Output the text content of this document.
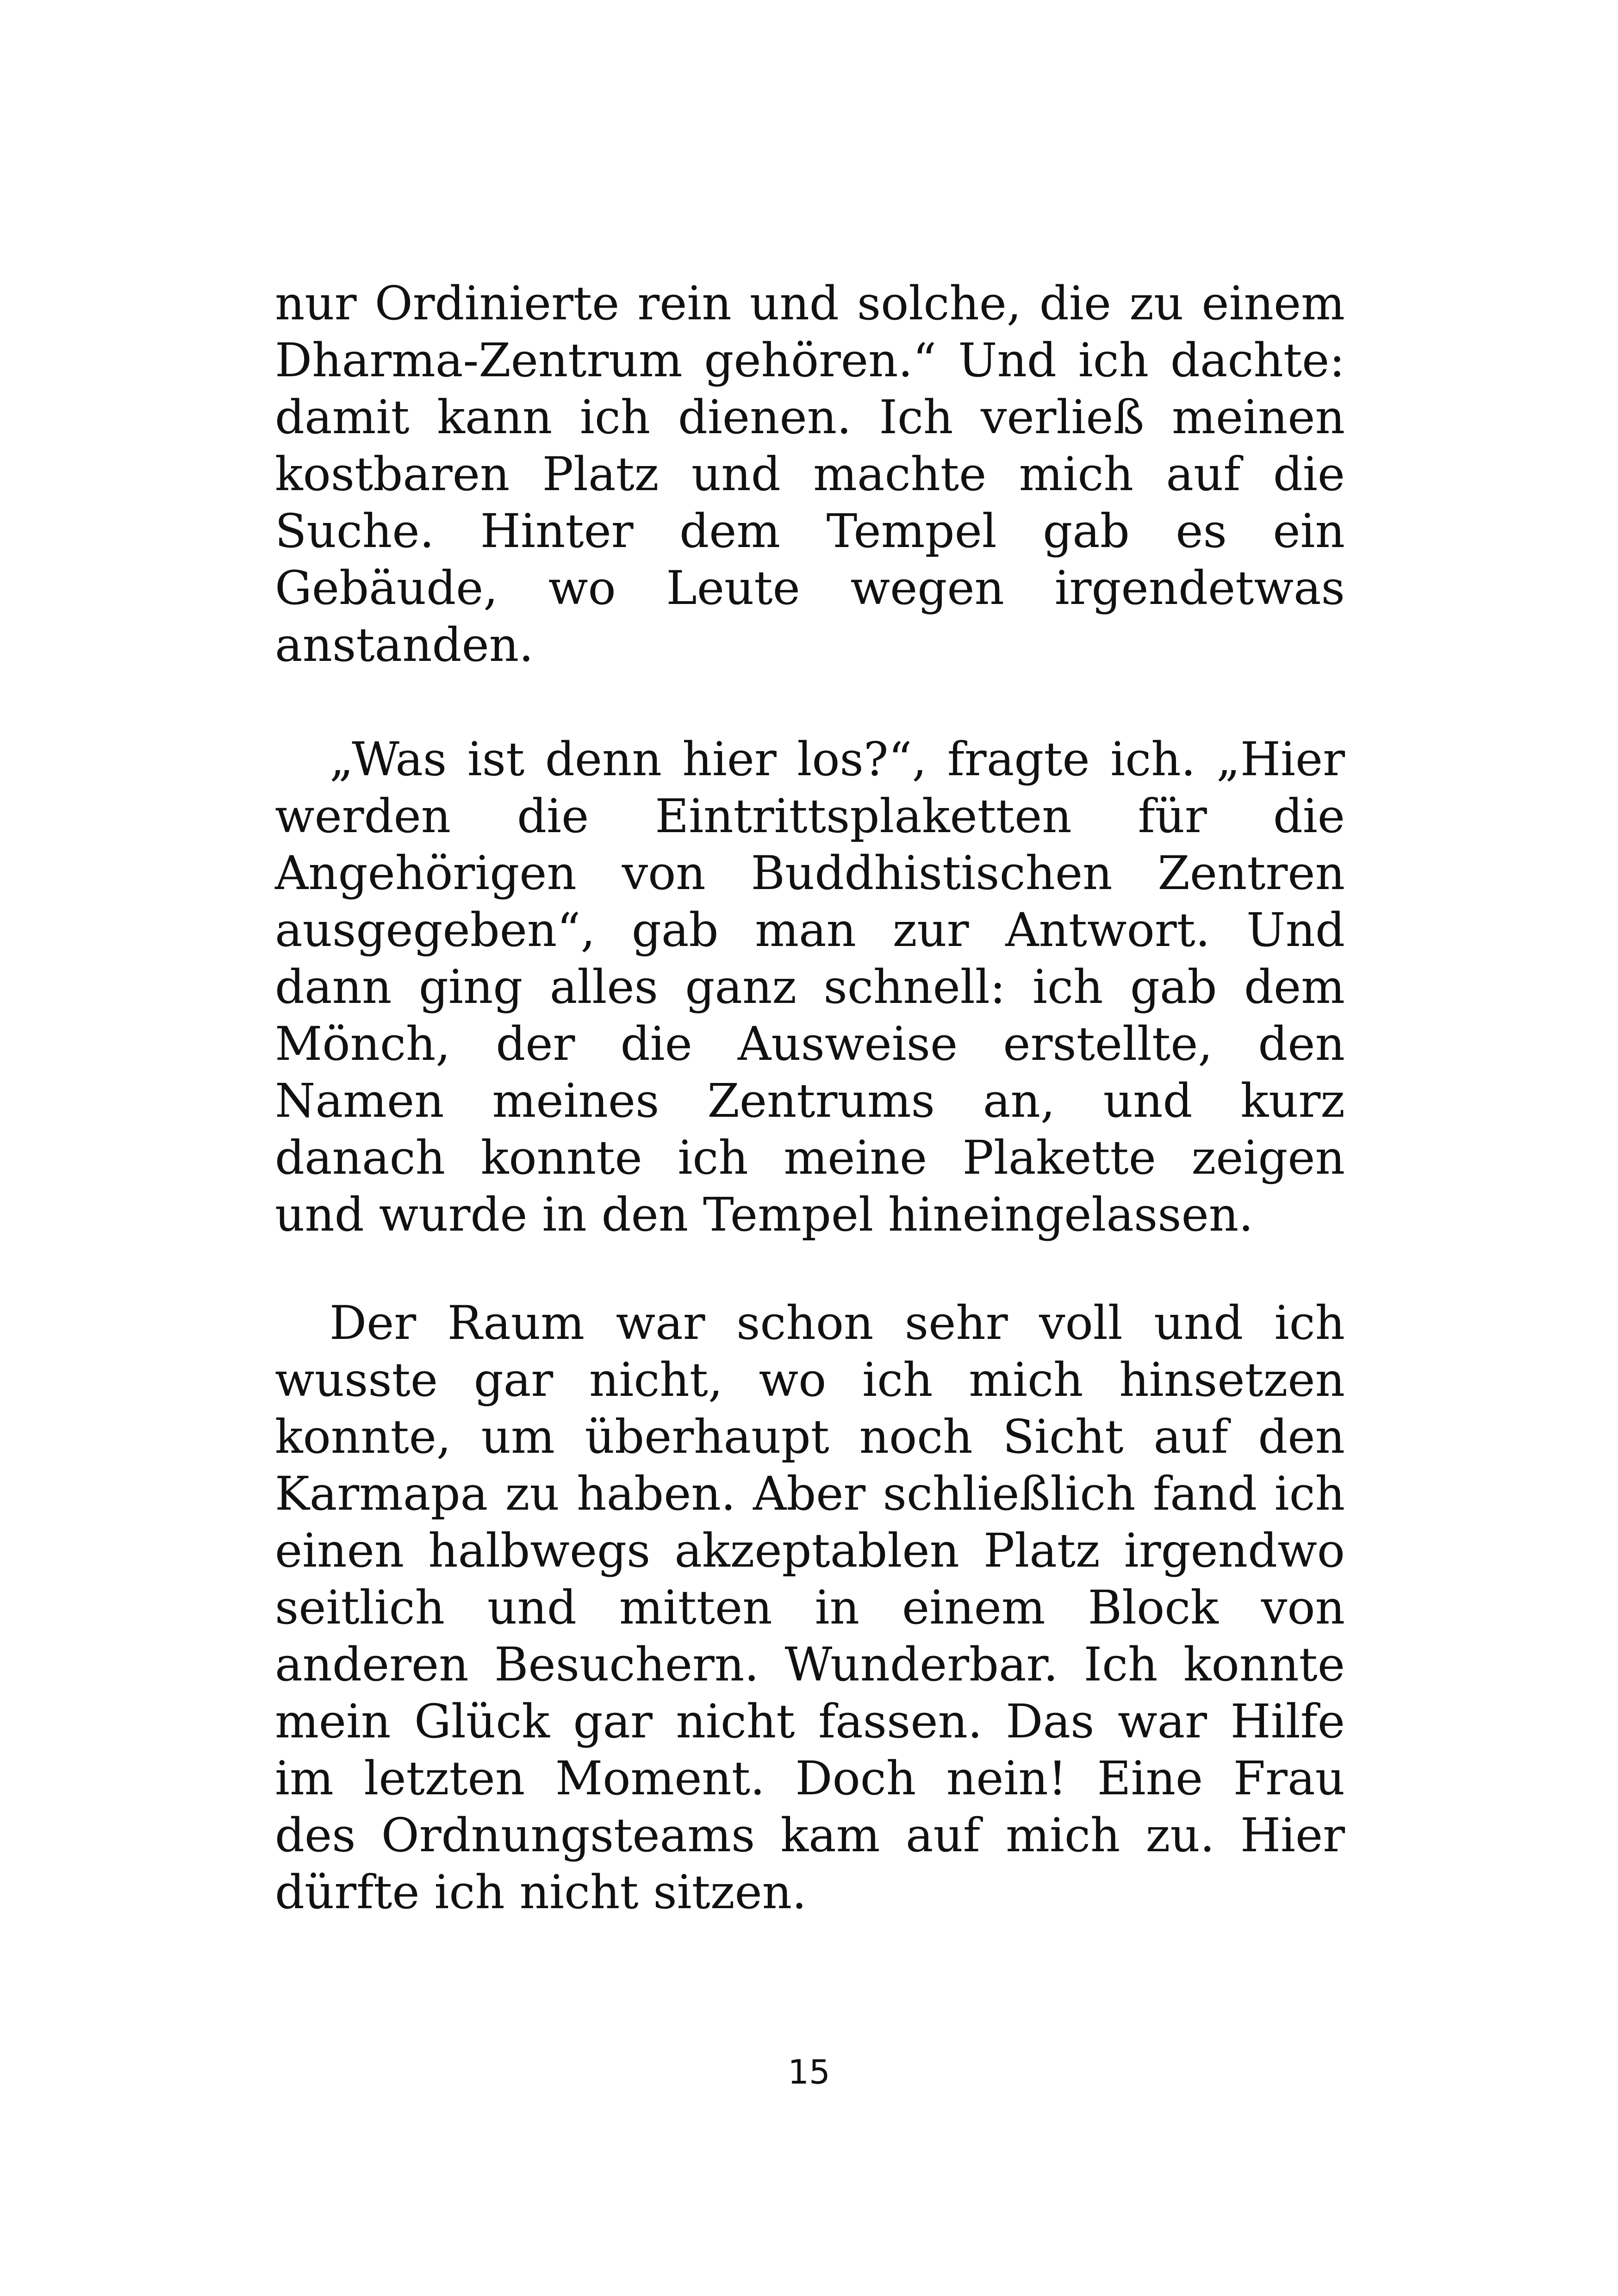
nur Ordinierte rein und solche, die zu einem Dharma-Zentrum gehören.“ Und ich dachte: damit kann ich dienen. Ich verließ meinen kostbaren Platz und machte mich auf die Suche. Hinter dem Tempel gab es ein Gebäude, wo Leute wegen irgendetwas anstanden.

„Was ist denn hier los?“, fragte ich. „Hier werden die Eintrittsplaketten für die Angehörigen von Buddhistischen Zentren ausgegeben“, gab man zur Antwort. Und dann ging alles ganz schnell: ich gab dem Mönch, der die Ausweise erstellte, den Namen meines Zentrums an, und kurz danach konnte ich meine Plakette zeigen und wurde in den Tempel hineingelassen.

Der Raum war schon sehr voll und ich wusste gar nicht, wo ich mich hinsetzen konnte, um überhaupt noch Sicht auf den Karmapa zu haben. Aber schließlich fand ich einen halbwegs akzeptablen Platz irgendwo seitlich und mitten in einem Block von anderen Besuchern. Wunderbar. Ich konnte mein Glück gar nicht fassen. Das war Hilfe im letzten Moment. Doch nein! Eine Frau des Ordnungsteams kam auf mich zu. Hier dürfte ich nicht sitzen.

15
